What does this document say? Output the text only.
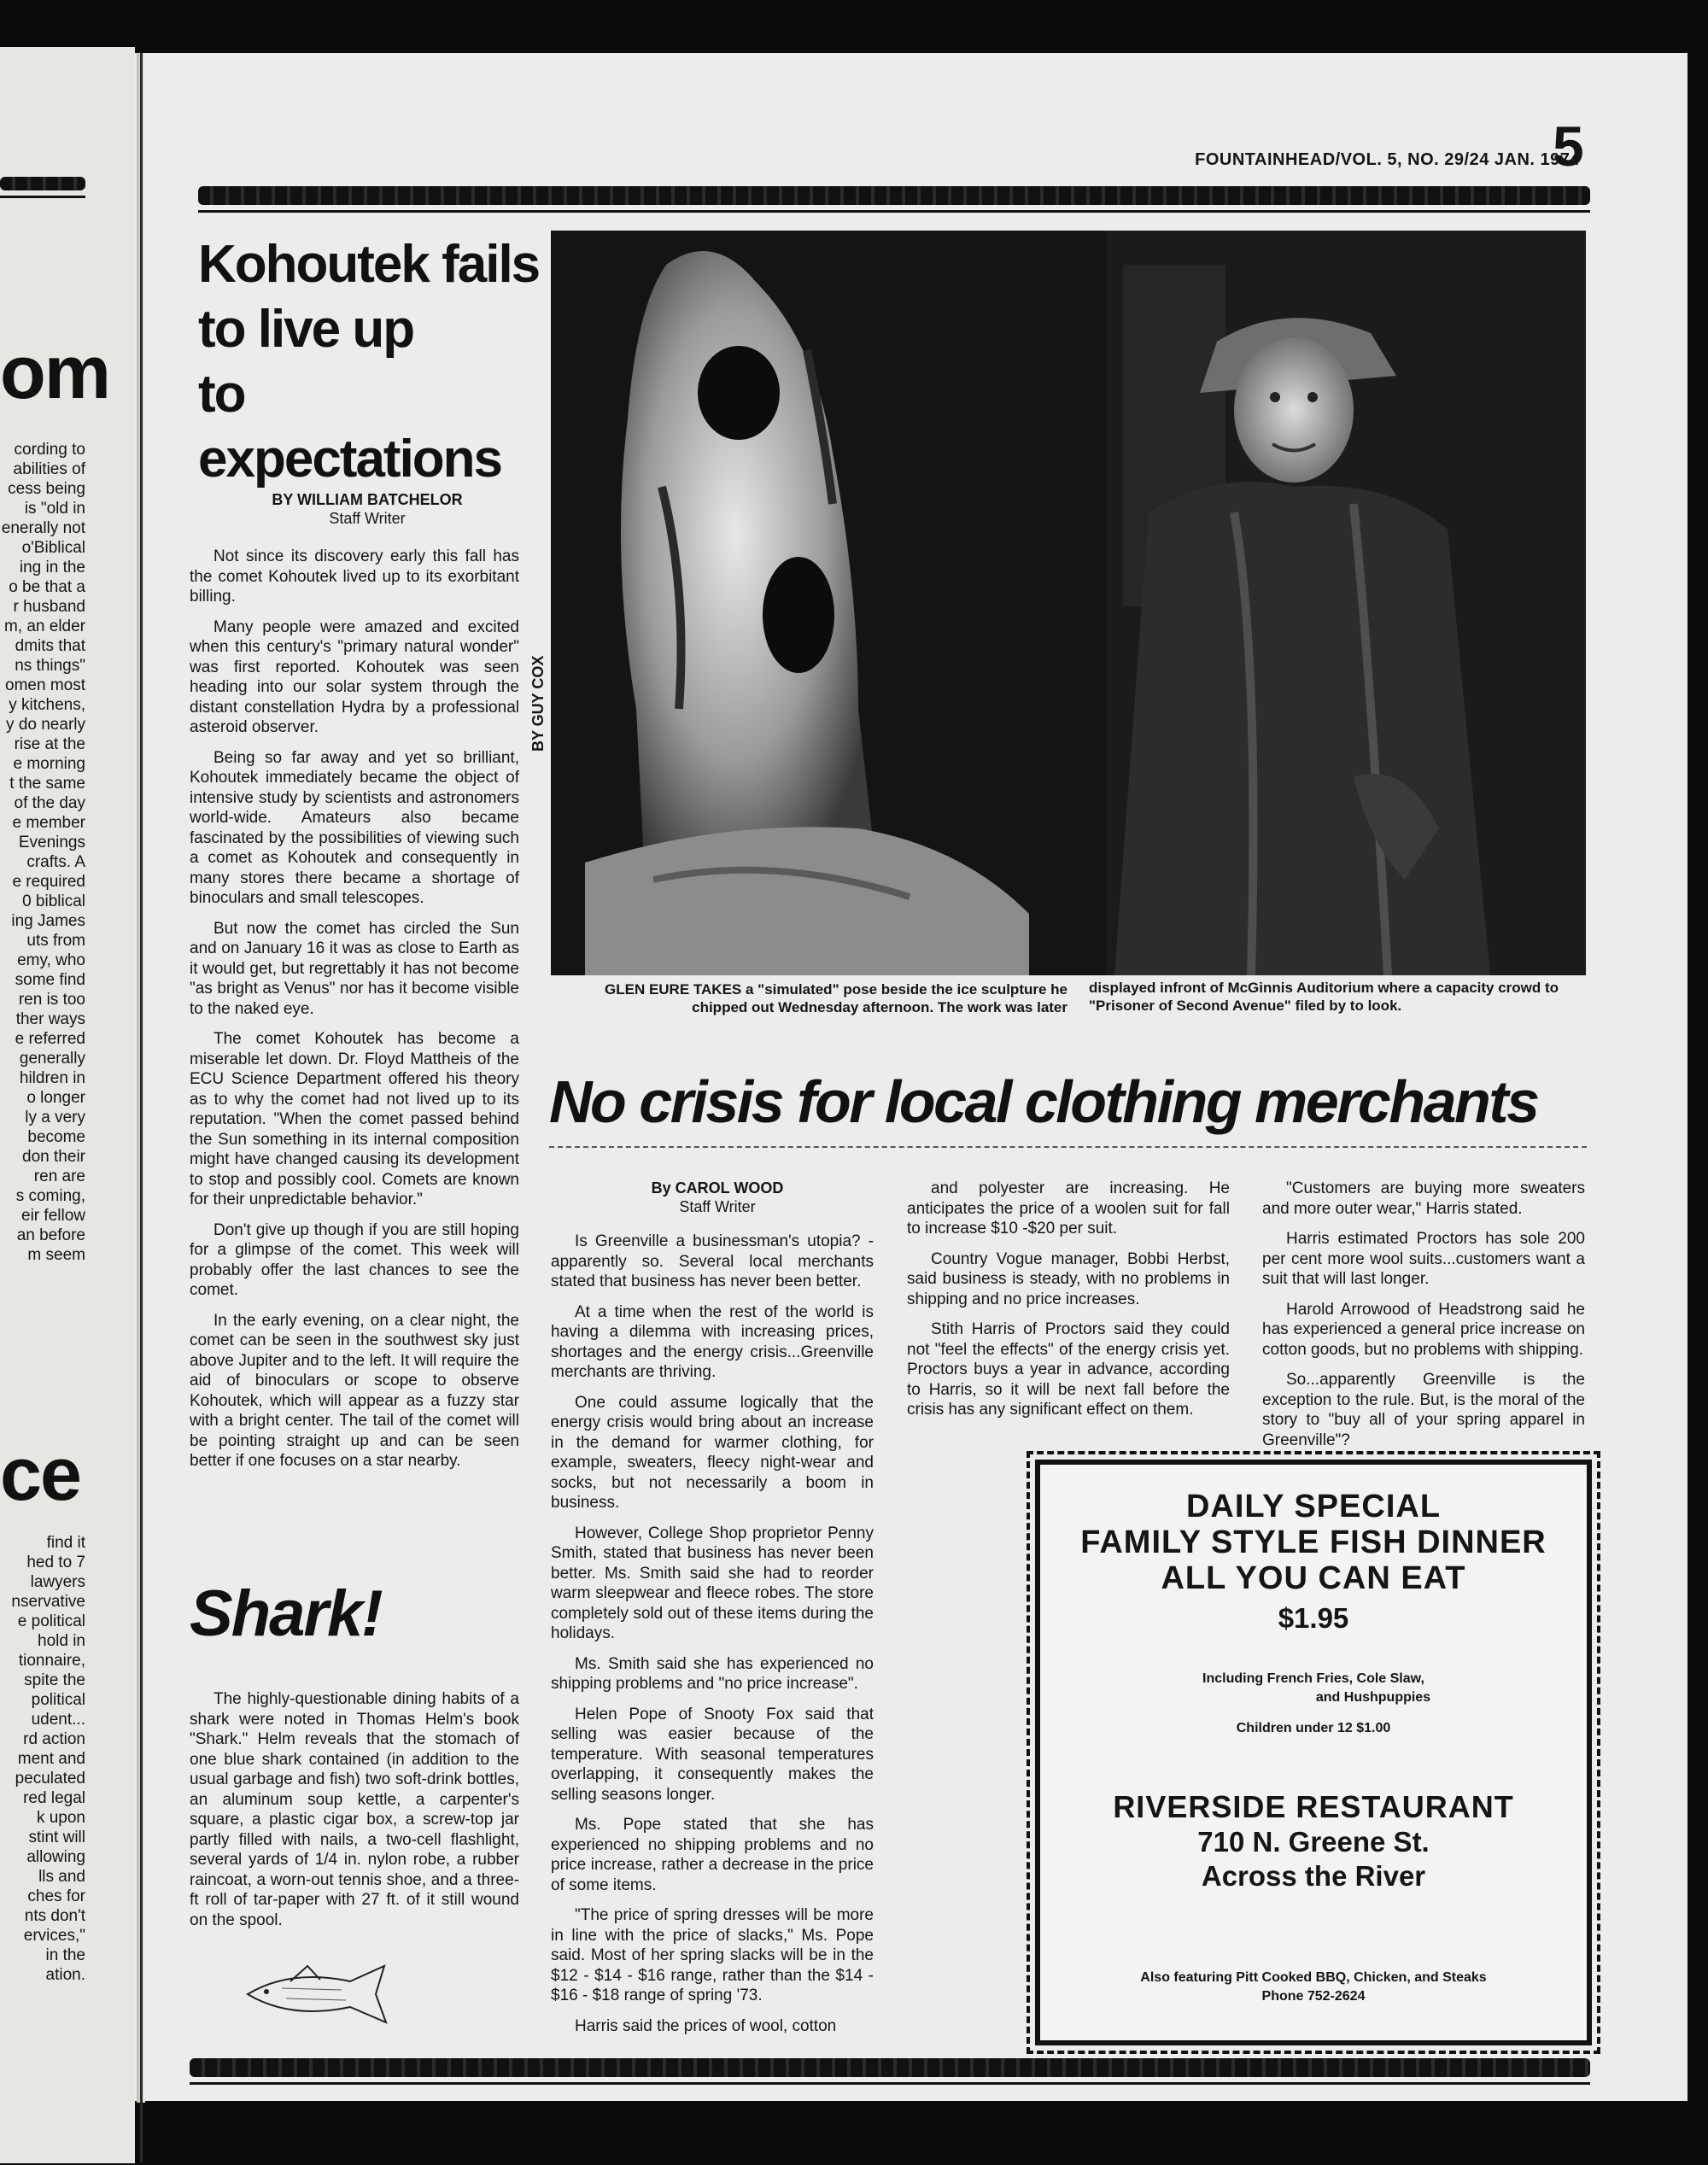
om
cording to
abilities of
cess being
is "old in
enerally not
o'Biblical
ing in the
o be that a
r husband
m, an elder
dmits that
ns things"
omen most
y kitchens,
y do nearly
rise at the
e morning
t the same
of the day
e member
Evenings
crafts. A
e required
0 biblical
ing James
uts from
emy, who
some find
ren is too
ther ways
e referred
generally
hildren in
o longer
ly a very
become
don their
ren are
s coming,
eir fellow
an before
m seem
ce
find it
hed to 7
lawyers
nservative
e political
hold in
tionnaire,
spite the
political
udent...
rd action
ment and
peculated
red legal
k upon
stint will
allowing
lls and
ches for
nts don't
ervices,"
in the
ation.
FOUNTAINHEAD/VOL. 5, NO. 29/24 JAN. 1974
5
Kohoutek fails
to live up
to expectations
BY WILLIAM BATCHELOR
Staff Writer

Not since its discovery early this fall has the comet Kohoutek lived up to its exorbitant billing.

Many people were amazed and excited when this century's "primary natural wonder" was first reported. Kohoutek was seen heading into our solar system through the distant constellation Hydra by a professional asteroid observer.

Being so far away and yet so brilliant, Kohoutek immediately became the object of intensive study by scientists and astronomers world-wide. Amateurs also became fascinated by the possibilities of viewing such a comet as Kohoutek and consequently in many stores there became a shortage of binoculars and small telescopes.

But now the comet has circled the Sun and on January 16 it was as close to Earth as it would get, but regrettably it has not become "as bright as Venus" nor has it become visible to the naked eye.

The comet Kohoutek has become a miserable let down. Dr. Floyd Mattheis of the ECU Science Department offered his theory as to why the comet had not lived up to its reputation. "When the comet passed behind the Sun something in its internal composition might have changed causing its development to stop and possibly cool. Comets are known for their unpredictable behavior."

Don't give up though if you are still hoping for a glimpse of the comet. This week will probably offer the last chances to see the comet.

In the early evening, on a clear night, the comet can be seen in the southwest sky just above Jupiter and to the left. It will require the aid of binoculars or scope to observe Kohoutek, which will appear as a fuzzy star with a bright center. The tail of the comet will be pointing straight up and can be seen better if one focuses on a star nearby.

Shark!

The highly-questionable dining habits of a shark were noted in Thomas Helm's book "Shark." Helm reveals that the stomach of one blue shark contained (in addition to the usual garbage and fish) two soft-drink bottles, an aluminum soup kettle, a carpenter's square, a plastic cigar box, a screw-top jar partly filled with nails, a two-cell flashlight, several yards of 1/4 in. nylon robe, a rubber raincoat, a worn-out tennis shoe, and a three-ft roll of tar-paper with 27 ft. of it still wound on the spool.

BY GUY COX
GLEN EURE TAKES a "simulated" pose beside the ice sculpture he chipped out Wednesday afternoon. The work was later
displayed infront of McGinnis Auditorium where a capacity crowd to "Prisoner of Second Avenue" filed by to look.
No crisis for local clothing merchants
By CAROL WOOD
Staff Writer

Is Greenville a businessman's utopia? - apparently so. Several local merchants stated that business has never been better.

At a time when the rest of the world is having a dilemma with increasing prices, shortages and the energy crisis...Greenville merchants are thriving.

One could assume logically that the energy crisis would bring about an increase in the demand for warmer clothing, for example, sweaters, fleecy night-wear and socks, but not necessarily a boom in business.

However, College Shop proprietor Penny Smith, stated that business has never been better. Ms. Smith said she had to reorder warm sleepwear and fleece robes. The store completely sold out of these items during the holidays.

Ms. Smith said she has experienced no shipping problems and "no price increase".

Helen Pope of Snooty Fox said that selling was easier because of the temperature. With seasonal temperatures overlapping, it consequently makes the selling seasons longer.

Ms. Pope stated that she has experienced no shipping problems and no price increase, rather a decrease in the price of some items.

"The price of spring dresses will be more in line with the price of slacks," Ms. Pope said. Most of her spring slacks will be in the $12 - $14 - $16 range, rather than the $14 - $16 - $18 range of spring '73.

Harris said the prices of wool, cotton

and polyester are increasing. He anticipates the price of a woolen suit for fall to increase $10 -$20 per suit.

Country Vogue manager, Bobbi Herbst, said business is steady, with no problems in shipping and no price increases.

Stith Harris of Proctors said they could not "feel the effects" of the energy crisis yet. Proctors buys a year in advance, according to Harris, so it will be next fall before the crisis has any significant effect on them.

"Customers are buying more sweaters and more outer wear," Harris stated.

Harris estimated Proctors has sole 200 per cent more wool suits...customers want a suit that will last longer.

Harold Arrowood of Headstrong said he has experienced a general price increase on cotton goods, but no problems with shipping.

So...apparently Greenville is the exception to the rule. But, is the moral of the story to "buy all of your spring apparel in Greenville"?

DAILY SPECIAL
FAMILY STYLE FISH DINNER
ALL YOU CAN EAT
$1.95
Including French Fries, Cole Slaw,
and Hushpuppies
Children under 12 $1.00
RIVERSIDE RESTAURANT
710 N. Greene St.
Across the River
Also featuring Pitt Cooked BBQ, Chicken, and Steaks
Phone 752-2624
